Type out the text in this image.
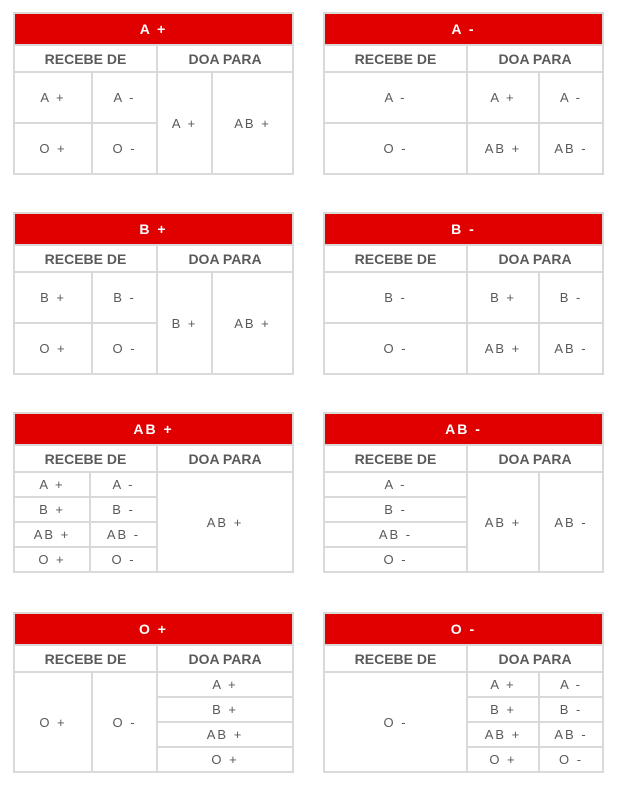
A +			
RECEBE DE		DOA PARA	
A +	A -	A +	AB +
O +	O -		
A -		
RECEBE DE	DOA PARA	
A -	A +	A -
O -	AB +	AB -
B +			
RECEBE DE		DOA PARA	
B +	B -	B +	AB +
O +	O -		
B -		
RECEBE DE	DOA PARA	
B -	B +	B -
O -	AB +	AB -
AB +		
RECEBE DE		DOA PARA
A +	A -	AB +
B +	B -	
AB +	AB -	
O +	O -	
AB -		
RECEBE DE	DOA PARA	
A -	AB +	AB -
B -		
AB -		
O -		
O +		
RECEBE DE		DOA PARA
O +	O -	A +
		B +
		AB +
		O +
O -		
RECEBE DE	DOA PARA	
O -	A +	A -
	B +	B -
	AB +	AB -
	O +	O -
